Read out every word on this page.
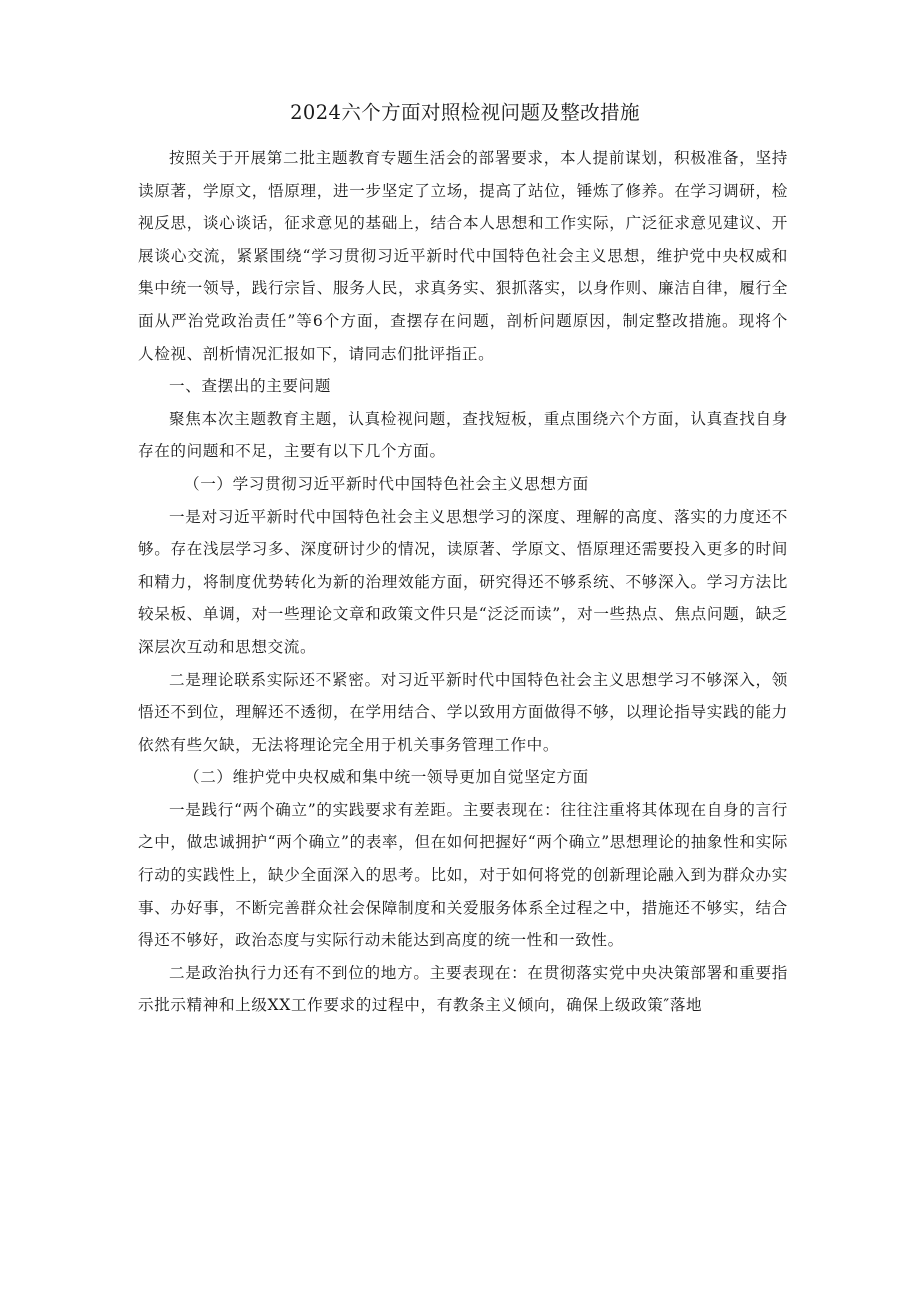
2024六个方面对照检视问题及整改措施

按照关于开展第二批主题教育专题生活会的部署要求，本人提前谋划，积极准备，坚持读原著，学原文，悟原理，进一步坚定了立场，提高了站位，锤炼了修养。在学习调研，检视反思，谈心谈话，征求意见的基础上，结合本人思想和工作实际，广泛征求意见建议、开展谈心交流，紧紧围绕“学习贯彻习近平新时代中国特色社会主义思想，维护党中央权威和集中统一领导，践行宗旨、服务人民，求真务实、狠抓落实，以身作则、廉洁自律，履行全面从严治党政治责任”等6个方面，查摆存在问题，剖析问题原因，制定整改措施。现将个人检视、剖析情况汇报如下，请同志们批评指正。

一、查摆出的主要问题

聚焦本次主题教育主题，认真检视问题，查找短板，重点围绕六个方面，认真查找自身存在的问题和不足，主要有以下几个方面。

（一）学习贯彻习近平新时代中国特色社会主义思想方面

一是对习近平新时代中国特色社会主义思想学习的深度、理解的高度、落实的力度还不够。存在浅层学习多、深度研讨少的情况，读原著、学原文、悟原理还需要投入更多的时间和精力，将制度优势转化为新的治理效能方面，研究得还不够系统、不够深入。学习方法比较呆板、单调，对一些理论文章和政策文件只是“泛泛而读”，对一些热点、焦点问题，缺乏深层次互动和思想交流。

二是理论联系实际还不紧密。对习近平新时代中国特色社会主义思想学习不够深入，领悟还不到位，理解还不透彻，在学用结合、学以致用方面做得不够，以理论指导实践的能力依然有些欠缺，无法将理论完全用于机关事务管理工作中。

（二）维护党中央权威和集中统一领导更加自觉坚定方面

一是践行“两个确立”的实践要求有差距。主要表现在：往往注重将其体现在自身的言行之中，做忠诚拥护“两个确立”的表率，但在如何把握好“两个确立”思想理论的抽象性和实际行动的实践性上，缺少全面深入的思考。比如，对于如何将党的创新理论融入到为群众办实事、办好事，不断完善群众社会保障制度和关爱服务体系全过程之中，措施还不够实，结合得还不够好，政治态度与实际行动未能达到高度的统一性和一致性。

二是政治执行力还有不到位的地方。主要表现在：在贯彻落实党中央决策部署和重要指示批示精神和上级XX工作要求的过程中，有教条主义倾向，确保上级政策″落地
